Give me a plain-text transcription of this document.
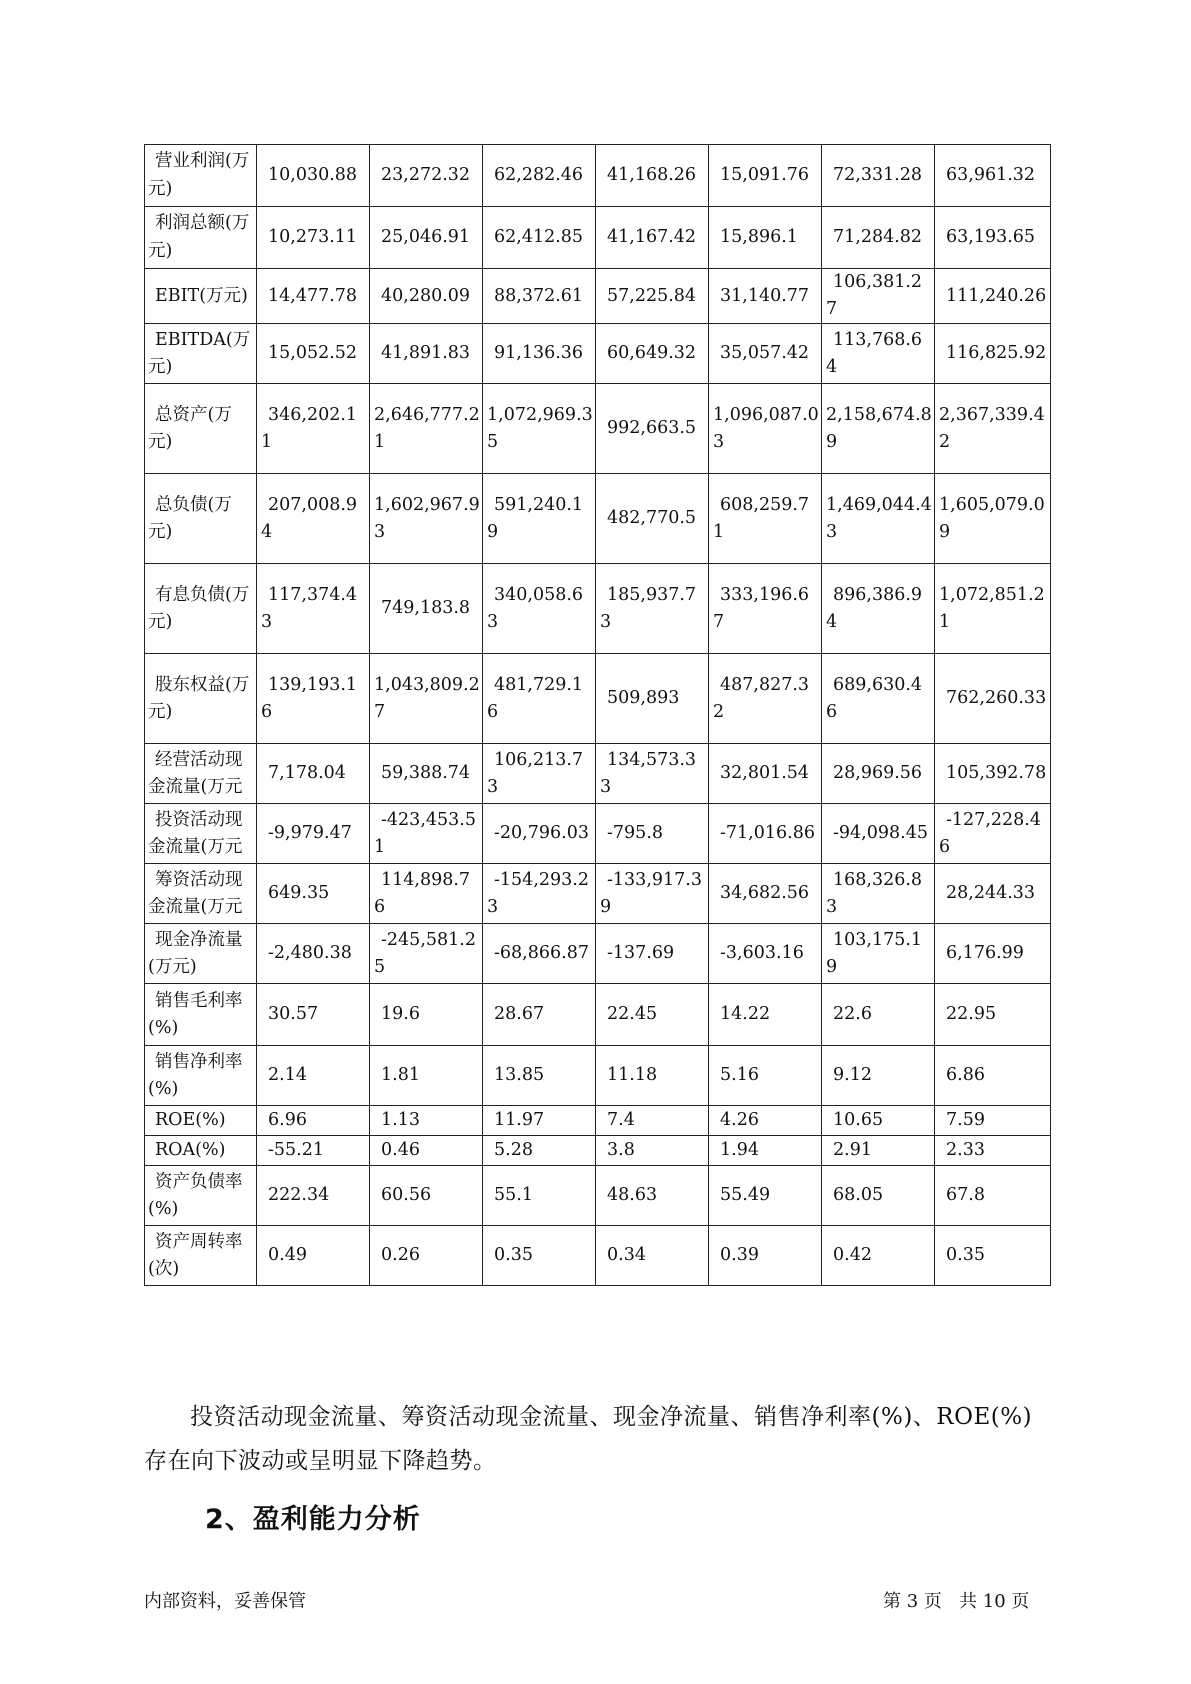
营业利润(万元)	10,030.88	23,272.32	62,282.46	41,168.26	15,091.76	72,331.28	63,961.32

利润总额(万元)	10,273.11	25,046.91	62,412.85	41,167.42	15,896.1	71,284.82	63,193.65

EBIT(万元)	14,477.78	40,280.09	88,372.61	57,225.84	31,140.77	106,381.27	111,240.26

EBITDA(万元)	15,052.52	41,891.83	91,136.36	60,649.32	35,057.42	113,768.64	116,825.92

总资产(万元)	346,202.11	2,646,777.21	1,072,969.35	992,663.5	1,096,087.03	2,158,674.89	2,367,339.42

总负债(万元)	207,008.94	1,602,967.93	591,240.19	482,770.5	608,259.71	1,469,044.43	1,605,079.09

有息负债(万元)	117,374.43	749,183.8	340,058.63	185,937.73	333,196.67	896,386.94	1,072,851.21

股东权益(万元)	139,193.16	1,043,809.27	481,729.16	509,893	487,827.32	689,630.46	762,260.33

经营活动现金流量(万元	7,178.04	59,388.74	106,213.73	134,573.33	32,801.54	28,969.56	105,392.78

投资活动现金流量(万元	-9,979.47	-423,453.51	-20,796.03	-795.8	-71,016.86	-94,098.45	-127,228.46

筹资活动现金流量(万元	649.35	114,898.76	-154,293.23	-133,917.39	34,682.56	168,326.83	28,244.33

现金净流量(万元)	-2,480.38	-245,581.25	-68,866.87	-137.69	-3,603.16	103,175.19	6,176.99

销售毛利率(%)	30.57	19.6	28.67	22.45	14.22	22.6	22.95

销售净利率(%)	2.14	1.81	13.85	11.18	5.16	9.12	6.86

ROE(%)	6.96	1.13	11.97	7.4	4.26	10.65	7.59

ROA(%)	-55.21	0.46	5.28	3.8	1.94	2.91	2.33

资产负债率(%)	222.34	60.56	55.1	48.63	55.49	68.05	67.8

资产周转率(次)	0.49	0.26	0.35	0.34	0.39	0.42	0.35

投资活动现金流量、筹资活动现金流量、现金净流量、销售净利率(%)、ROE(%)存在向下波动或呈明显下降趋势。

2、盈利能力分析
内部资料，妥善保管	第 3 页   共 10 页
